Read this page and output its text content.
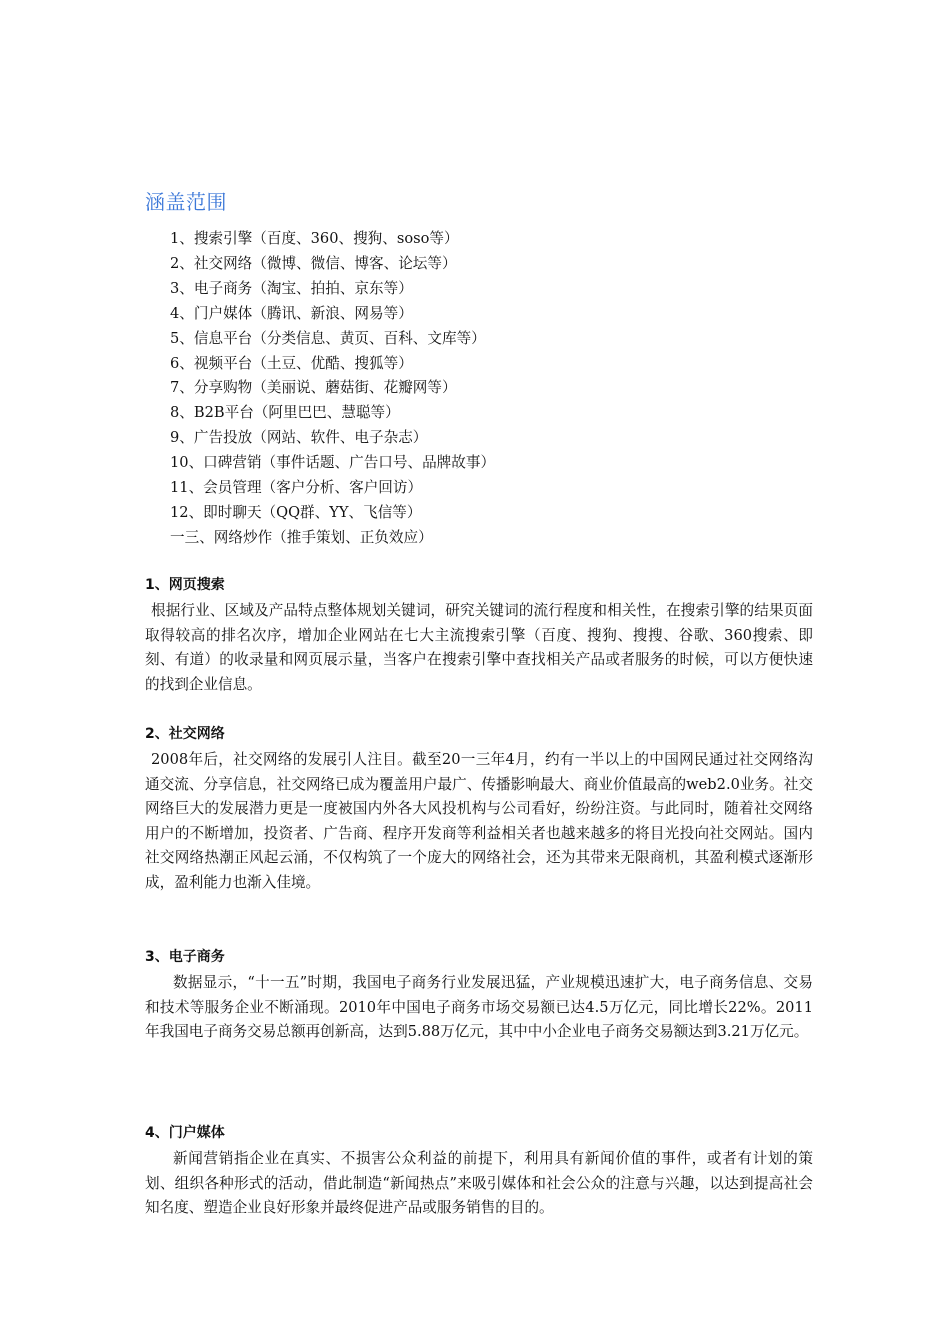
涵盖范围
1、搜索引擎（百度、360、搜狗、soso等）
2、社交网络（微博、微信、博客、论坛等）
3、电子商务（淘宝、拍拍、京东等）
4、门户媒体（腾讯、新浪、网易等）
5、信息平台（分类信息、黄页、百科、文库等）
6、视频平台（土豆、优酷、搜狐等）
7、分享购物（美丽说、蘑菇街、花瓣网等）
8、B2B平台（阿里巴巴、慧聪等）
9、广告投放（网站、软件、电子杂志）
10、口碑营销（事件话题、广告口号、品牌故事）
11、会员管理（客户分析、客户回访）
12、即时聊天（QQ群、YY、飞信等）
一三、网络炒作（推手策划、正负效应）
1、网页搜索

根据行业、区域及产品特点整体规划关键词，研究关键词的流行程度和相关性，在搜索引擎的结果页面取得较高的排名次序，增加企业网站在七大主流搜索引擎（百度、搜狗、搜搜、谷歌、360搜索、即刻、有道）的收录量和网页展示量，当客户在搜索引擎中查找相关产品或者服务的时候，可以方便快速的找到企业信息。

2、社交网络

2008年后，社交网络的发展引人注目。截至20一三年4月，约有一半以上的中国网民通过社交网络沟通交流、分享信息，社交网络已成为覆盖用户最广、传播影响最大、商业价值最高的web2.0业务。社交网络巨大的发展潜力更是一度被国内外各大风投机构与公司看好，纷纷注资。与此同时，随着社交网络用户的不断增加，投资者、广告商、程序开发商等利益相关者也越来越多的将目光投向社交网站。国内社交网络热潮正风起云涌，不仅构筑了一个庞大的网络社会，还为其带来无限商机，其盈利模式逐渐形成，盈利能力也渐入佳境。

3、电子商务

数据显示，“十一五”时期，我国电子商务行业发展迅猛，产业规模迅速扩大，电子商务信息、交易和技术等服务企业不断涌现。2010年中国电子商务市场交易额已达4.5万亿元，同比增长22%。2011年我国电子商务交易总额再创新高，达到5.88万亿元，其中中小企业电子商务交易额达到3.21万亿元。

4、门户媒体

新闻营销指企业在真实、不损害公众利益的前提下，利用具有新闻价值的事件，或者有计划的策划、组织各种形式的活动，借此制造“新闻热点”来吸引媒体和社会公众的注意与兴趣，以达到提高社会知名度、塑造企业良好形象并最终促进产品或服务销售的目的。
